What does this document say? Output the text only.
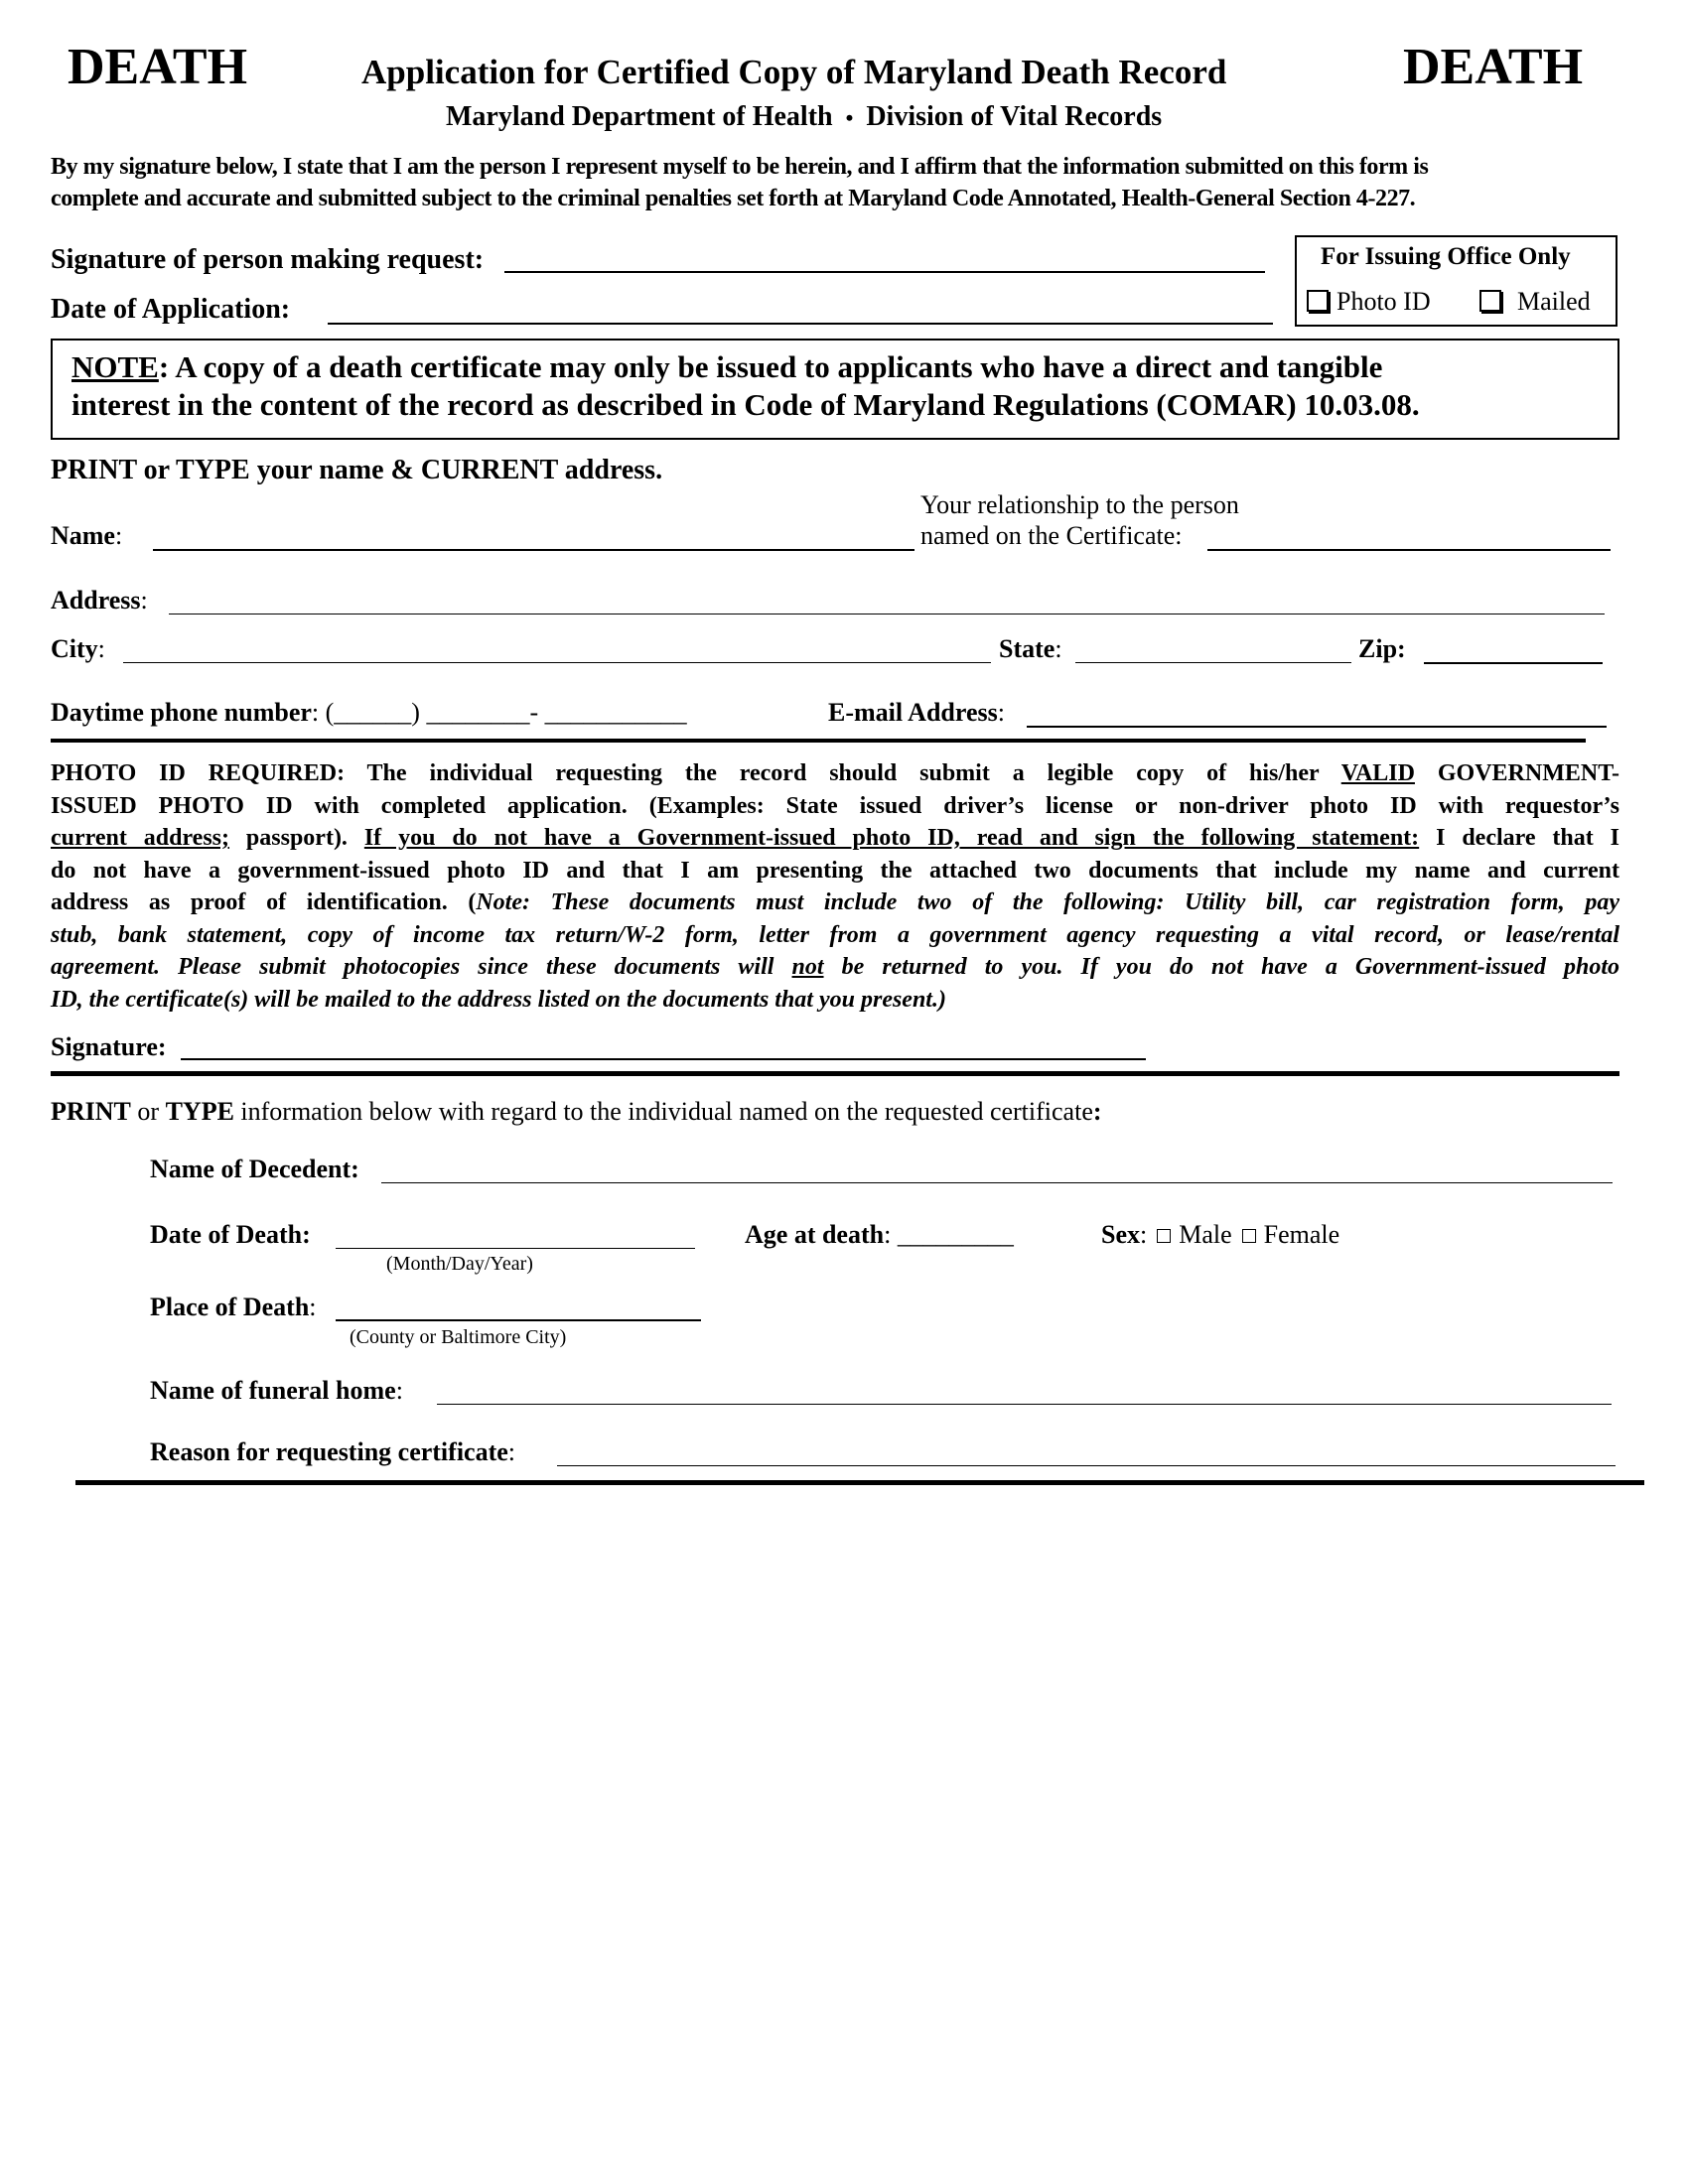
DEATH	DEATH
Application for Certified Copy of Maryland Death Record
Maryland Department of Health • Division of Vital Records
By my signature below, I state that I am the person I represent myself to be herein, and I affirm that the information submitted on this form is
complete and accurate and submitted subject to the criminal penalties set forth at Maryland Code Annotated, Health-General Section 4-227.
Signature of person making request:
Date of Application:
For Issuing Office Only
Photo ID	Mailed
NOTE: A copy of a death certificate may only be issued to applicants who have a direct and tangible
interest in the content of the record as described in Code of Maryland Regulations (COMAR) 10.03.08.
PRINT or TYPE your name & CURRENT address.
Name:
Your relationship to the person
named on the Certificate:
Address:
City:	State:	Zip:
Daytime phone number: (______) ________- ___________	E-mail Address:
PHOTO ID REQUIRED: The individual requesting the record should submit a legible copy of his/her VALID GOVERNMENT-
ISSUED PHOTO ID with completed application. (Examples: State issued driver’s license or non-driver photo ID with requestor’s
current address; passport). If you do not have a Government-issued photo ID, read and sign the following statement: I declare that I
do not have a government-issued photo ID and that I am presenting the attached two documents that include my name and current
address as proof of identification. (Note: These documents must include two of the following: Utility bill, car registration form, pay
stub, bank statement, copy of income tax return/W-2 form, letter from a government agency requesting a vital record, or lease/rental
agreement. Please submit photocopies since these documents will not be returned to you. If you do not have a Government-issued photo
ID, the certificate(s) will be mailed to the address listed on the documents that you present.)
Signature:
PRINT or TYPE information below with regard to the individual named on the requested certificate:
Name of Decedent:
Date of Death:
(Month/Day/Year)
Age at death: _________	Sex: Male Female
Place of Death:
(County or Baltimore City)
Name of funeral home:
Reason for requesting certificate:
